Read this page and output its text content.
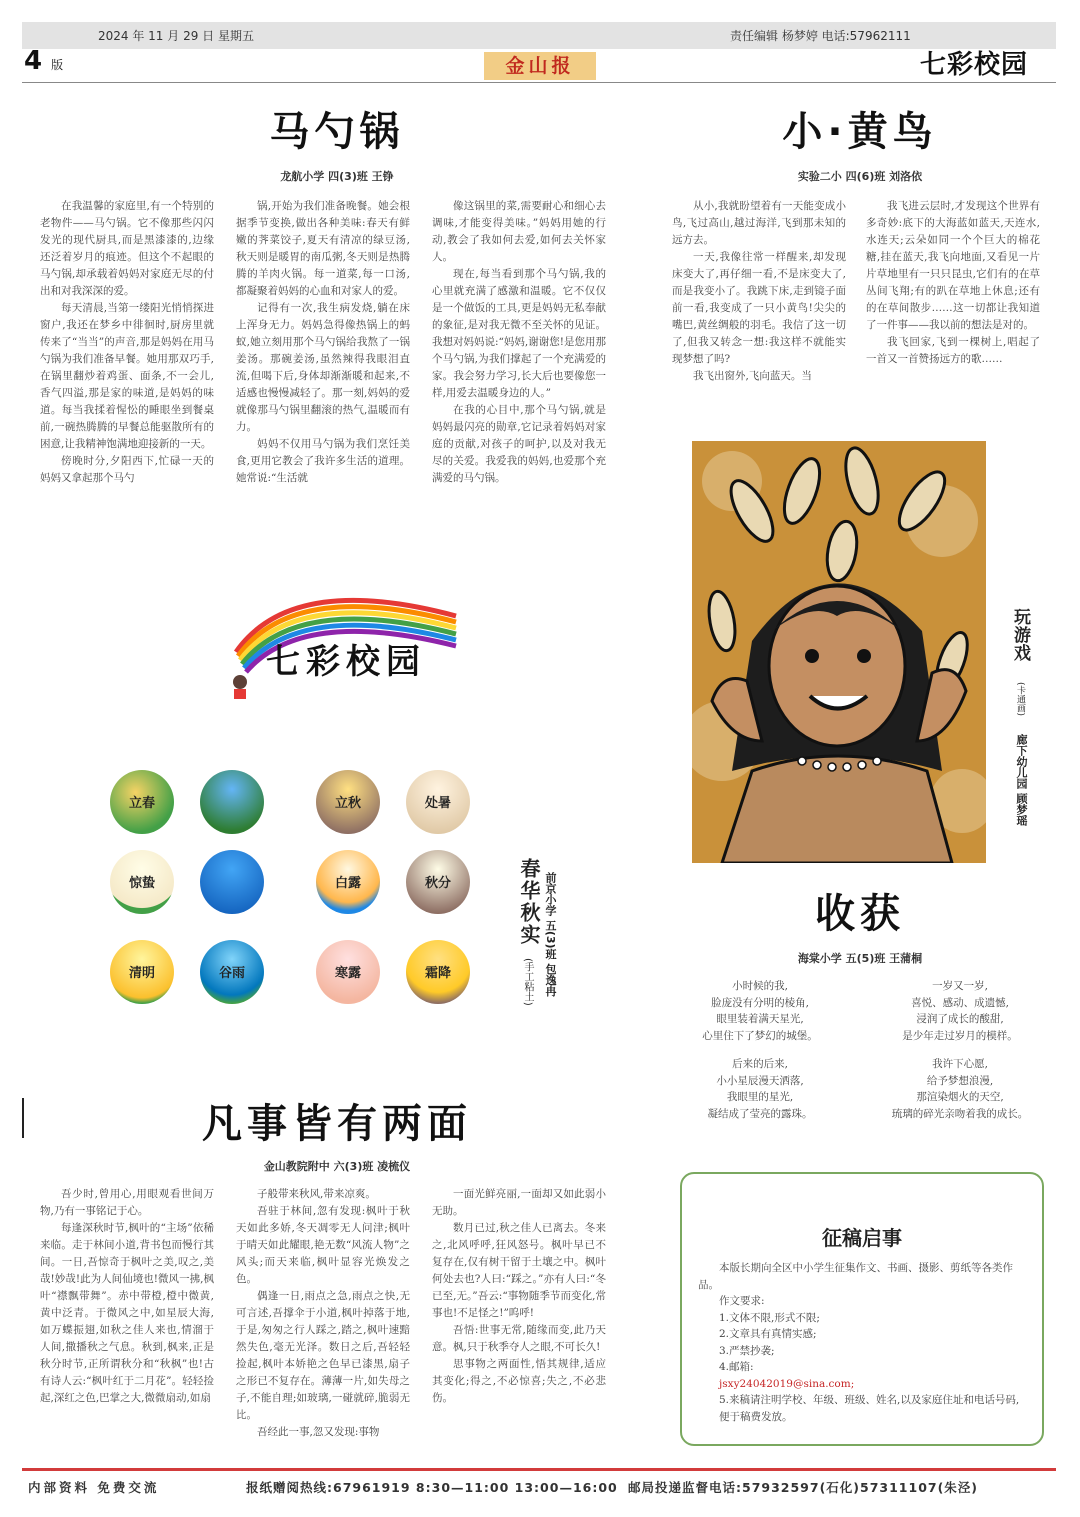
2024 年 11 月 29 日 星期五	责任编辑 杨梦婷 电话:57962111
4 版	金山报	七彩校园
马勺锅
龙航小学 四(3)班 王铮

在我温馨的家庭里,有一个特别的老物件——马勺锅。它不像那些闪闪发光的现代厨具,而是黑漆漆的,边缘还泛着岁月的痕迹。但这个不起眼的马勺锅,却承载着妈妈对家庭无尽的付出和对我深深的爱。

每天清晨,当第一缕阳光悄悄探进窗户,我还在梦乡中徘徊时,厨房里就传来了“当当”的声音,那是妈妈在用马勺锅为我们准备早餐。她用那双巧手,在锅里翻炒着鸡蛋、面条,不一会儿,香气四溢,那是家的味道,是妈妈的味道。每当我揉着惺忪的睡眼坐到餐桌前,一碗热腾腾的早餐总能驱散所有的困意,让我精神饱满地迎接新的一天。

傍晚时分,夕阳西下,忙碌一天的妈妈又拿起那个马勺

锅,开始为我们准备晚餐。她会根据季节变换,做出各种美味:春天有鲜嫩的荠菜饺子,夏天有清凉的绿豆汤,秋天则是暖胃的南瓜粥,冬天则是热腾腾的羊肉火锅。每一道菜,每一口汤,都凝聚着妈妈的心血和对家人的爱。

记得有一次,我生病发烧,躺在床上浑身无力。妈妈急得像热锅上的蚂蚁,她立刻用那个马勺锅给我熬了一锅姜汤。那碗姜汤,虽然辣得我眼泪直流,但喝下后,身体却渐渐暖和起来,不适感也慢慢减轻了。那一刻,妈妈的爱就像那马勺锅里翻滚的热气,温暖而有力。

妈妈不仅用马勺锅为我们烹饪美食,更用它教会了我许多生活的道理。她常说:“生活就

像这锅里的菜,需要耐心和细心去调味,才能变得美味。”妈妈用她的行动,教会了我如何去爱,如何去关怀家人。

现在,每当看到那个马勺锅,我的心里就充满了感激和温暖。它不仅仅是一个做饭的工具,更是妈妈无私奉献的象征,是对我无微不至关怀的见证。我想对妈妈说:“妈妈,谢谢您!是您用那个马勺锅,为我们撑起了一个充满爱的家。我会努力学习,长大后也要像您一样,用爱去温暖身边的人。”

在我的心目中,那个马勺锅,就是妈妈最闪亮的勋章,它记录着妈妈对家庭的贡献,对孩子的呵护,以及对我无尽的关爱。我爱我的妈妈,也爱那个充满爱的马勺锅。

小·黄鸟
实验二小 四(6)班 刘洛依

从小,我就盼望着有一天能变成小鸟,飞过高山,越过海洋,飞到那未知的远方去。

一天,我像往常一样醒来,却发现床变大了,再仔细一看,不是床变大了,而是我变小了。我跳下床,走到镜子面前一看,我变成了一只小黄鸟!尖尖的嘴巴,黄丝绸般的羽毛。我信了这一切了,但我又转念一想:我这样不就能实现梦想了吗?

我飞出窗外,飞向蓝天。当

我飞进云层时,才发现这个世界有多奇妙:底下的大海蓝如蓝天,天连水,水连天;云朵如同一个个巨大的棉花糖,挂在蓝天,我飞向地面,又看见一片片草地里有一只只昆虫,它们有的在草丛间飞翔;有的趴在草地上休息;还有的在草间散步……这一切都让我知道了一件事——我以前的想法是对的。

我飞回家,飞到一棵树上,唱起了一首又一首赞扬远方的歌……

七彩校园
立春	立秋	处暑
惊蛰	白露	秋分
清明	谷雨	寒露	霜降
春华秋实
(手工粘土) 前京小学 五(3)班 包逸冉
玩游戏
(卡通画)
廊下幼儿园 顾梦瑶
收获
海棠小学 五(5)班 王蒲桐

小时候的我,
脸庞没有分明的棱角,
眼里装着满天星光,
心里住下了梦幻的城堡。

后来的后来,
小小星辰漫天洒落,
我眼里的星光,
凝结成了莹亮的露珠。

一岁又一岁,
喜悦、感动、成遗憾,
浸润了成长的酸甜,
是少年走过岁月的模样。

我许下心愿,
给予梦想浪漫,
那渲染烟火的天空,
琉璃的碎光亲吻着我的成长。

凡事皆有两面
金山教院附中 六(3)班 凌梳仪

吾少时,曾用心,用眼观看世间万物,乃有一事铭记于心。

每逢深秋时节,枫叶的“主场”依稀来临。走于林间小道,背书包而慢行其间。一日,吾惊奇于枫叶之美,叹之,美哉!妙哉!此为人间仙境也!微风一拂,枫叶“襟飘带舞”。赤中带橙,橙中微黄,黄中泛青。于微风之中,如星辰大海,如万蝶振翅,如秋之佳人来也,情溜于人间,撒播秋之气息。秋到,枫来,正是秋分时节,正所谓秋分和“秋枫”也!古有诗人云:“枫叶红于二月花”。轻轻捡起,深红之色,巴掌之大,微微扇动,如扇

子般带来秋风,带来凉爽。

吾驻于林间,忽有发现:枫叶于秋天如此多娇,冬天凋零无人问津;枫叶于晴天如此耀眼,艳无数“风流人物”之风头;而天来临,枫叶显容光焕发之色。

偶逢一日,雨点之急,雨点之快,无可言述,吾撑伞于小道,枫叶掉落于地,于是,匆匆之行人踩之,踏之,枫叶速黯然失色,毫无光泽。数日之后,吾轻轻捡起,枫叶本娇艳之色早已漆黑,扇子之形已不复存在。薄薄一片,如失母之子,不能自理;如玻璃,一碰就碎,脆弱无比。

吾经此一事,忽又发现:事物

一面光鲜亮丽,一面却又如此弱小无助。

数月已过,秋之佳人已离去。冬来之,北风呼呼,狂风怒号。枫叶早已不复存在,仅有树干留于土壤之中。枫叶何处去也?人曰:“踩之。”亦有人曰:“冬已至,无。”吾云:“事物随季节而变化,常事也!不足怪之!”呜呼!

吾悟:世事无常,随缘而变,此乃天意。枫,只于秋季夺人之眼,不可长久!

思事物之两面性,悟其规律,适应其变化;得之,不必惊喜;失之,不必悲伤。

征稿启事

本版长期向全区中小学生征集作文、书画、摄影、剪纸等各类作品。

作文要求:

1.文体不限,形式不限;

2.文章具有真情实感;

3.严禁抄袭;

4.邮箱:

jsxy24042019@sina.com;

5.来稿请注明学校、年级、班级、姓名,以及家庭住址和电话号码,便于稿费发放。

内部资料 免费交流	报纸赠阅热线:67961919 8:30—11:00 13:00—16:00 邮局投递监督电话:57932597(石化)57311107(朱泾)
